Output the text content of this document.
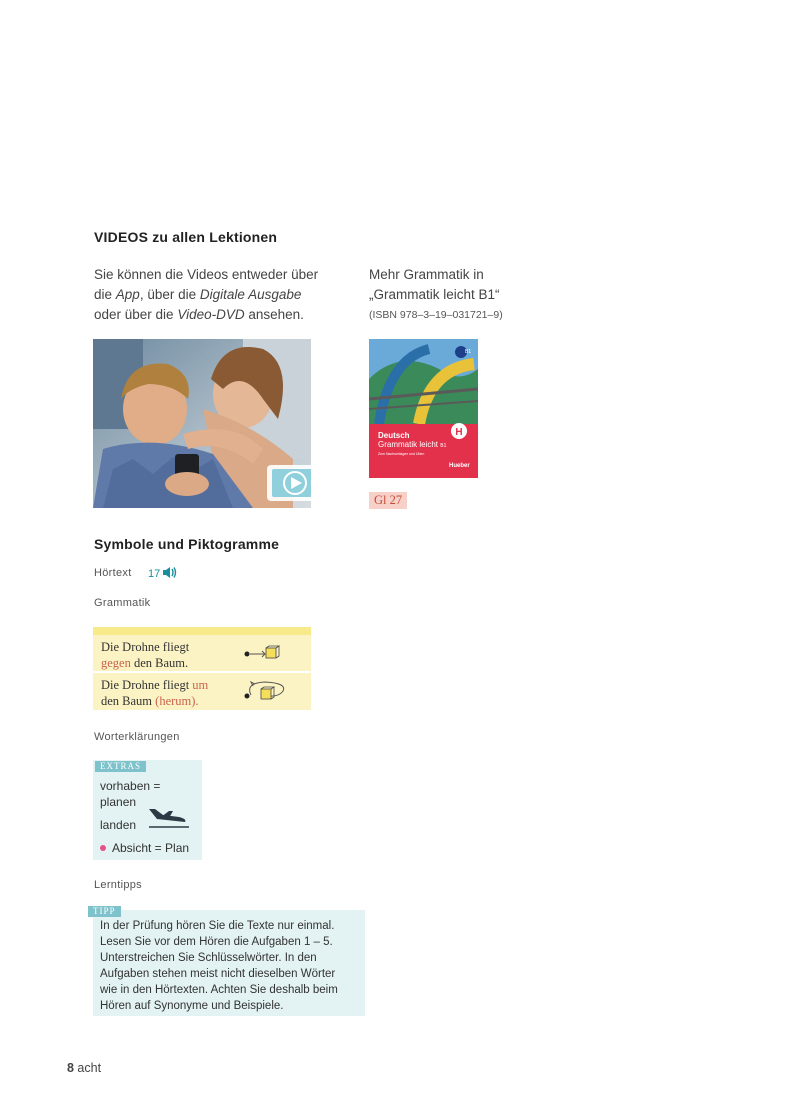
VIDEOS zu allen Lektionen
Sie können die Videos entweder über
die App, über die Digitale Ausgabe
oder über die Video-DVD ansehen.
Mehr Grammatik in
„Grammatik leicht B1“
(ISBN 978–3–19–031721–9)
H
B1
Deutsch
Grammatik leicht B1
Zum Nachschlagen und Üben
Hueber
Gl 27
Symbole und Piktogramme
Hörtext 17
Grammatik
Die Drohne fliegt
gegen den Baum.
Die Drohne fliegt um
den Baum (herum).
Worterklärungen
EXTRAS
vorhaben =
planen
landen
Absicht = Plan
Lerntipps
TIPP
In der Prüfung hören Sie die Texte nur einmal.
Lesen Sie vor dem Hören die Aufgaben 1 – 5.
Unterstreichen Sie Schlüsselwörter. In den
Aufgaben stehen meist nicht dieselben Wörter
wie in den Hörtexten. Achten Sie deshalb beim
Hören auf Synonyme und Beispiele.
8 acht
